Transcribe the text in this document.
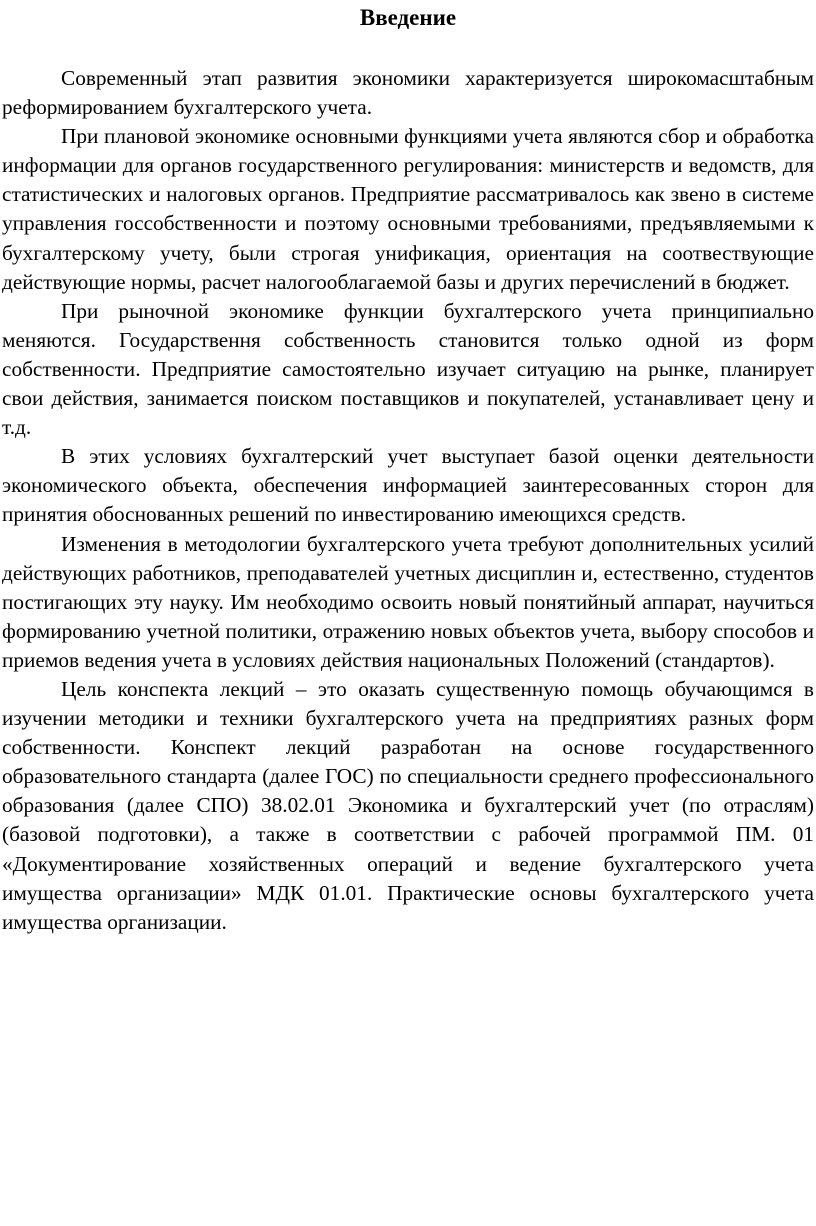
Введение

Современный этап развития экономики характеризуется широкомасштабным реформированием бухгалтерского учета.

При плановой экономике основными функциями учета являются сбор и обработка информации для органов государственного регулирования: министерств и ведомств, для статистических и налоговых органов. Предприятие рассматривалось как звено в системе управления госсобственности и поэтому основными требованиями, предъявляемыми к бухгалтерскому учету, были строгая унификация, ориентация на соотвествующие действующие нормы, расчет налогооблагаемой базы и других перечислений в бюджет.

При рыночной экономике функции бухгалтерского учета принципиально меняются. Государствення собственность становится только одной из форм собственности. Предприятие самостоятельно изучает ситуацию на рынке, планирует свои действия, занимается поиском поставщиков и покупателей, устанавливает цену и т.д.

В этих условиях бухгалтерский учет выступает базой оценки деятельности экономического объекта, обеспечения информацией заинтересованных сторон для принятия обоснованных решений по инвестированию имеющихся средств.

Изменения в методологии бухгалтерского учета требуют дополнительных усилий действующих работников, преподавателей учетных дисциплин и, естественно, студентов постигающих эту науку. Им необходимо освоить новый понятийный аппарат, научиться формированию учетной политики, отражению новых объектов учета, выбору способов и приемов ведения учета в условиях действия национальных Положений (стандартов).

Цель конспекта лекций – это оказать существенную помощь обучающимся в изучении методики и техники бухгалтерского учета на предприятиях разных форм собственности. Конспект лекций разработан на основе государственного образовательного стандарта (далее ГОС) по специальности среднего профессионального образования (далее СПО) 38.02.01 Экономика и бухгалтерский учет (по отраслям) (базовой подготовки), а также в соответствии с рабочей программой ПМ. 01 «Документирование хозяйственных операций и ведение бухгалтерского учета имущества организации» МДК 01.01. Практические основы бухгалтерского учета имущества организации.
